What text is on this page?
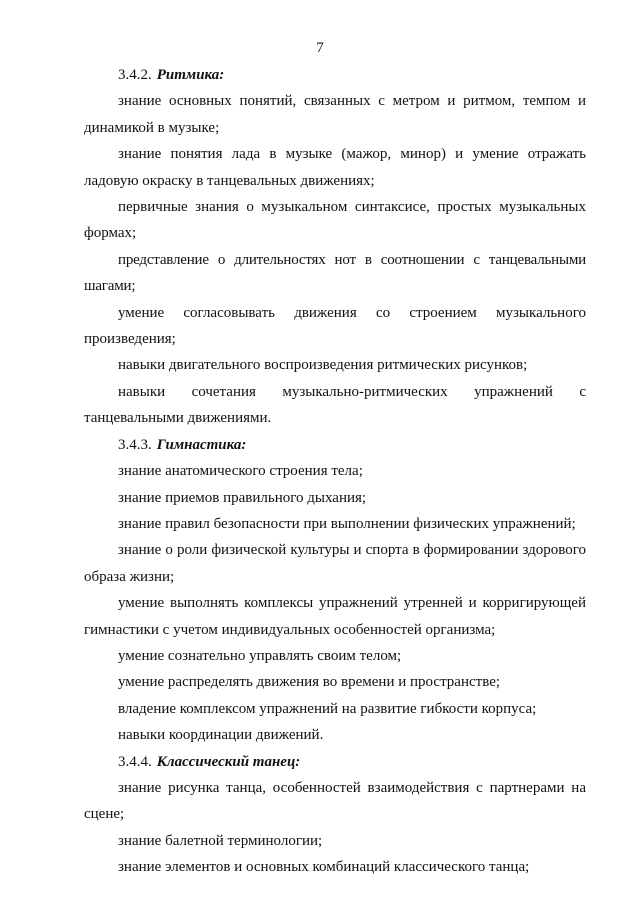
7

3.4.2. Ритмика:

знание основных понятий, связанных с метром и ритмом, темпом и динамикой в музыке;

знание понятия лада в музыке (мажор, минор) и умение отражать ладовую окраску в танцевальных движениях;

первичные знания о музыкальном синтаксисе, простых музыкальных формах;

представление о длительностях нот в соотношении с танцевальными шагами;

умение согласовывать движения со строением музыкального произведения;

навыки двигательного воспроизведения ритмических рисунков;

навыки сочетания музыкально-ритмических упражнений с танцевальными движениями.

3.4.3. Гимнастика:

знание анатомического строения тела;

знание приемов правильного дыхания;

знание правил безопасности при выполнении физических упражнений;

знание о роли физической культуры и спорта в формировании здорового образа жизни;

умение выполнять комплексы упражнений утренней и корригирующей гимнастики с учетом индивидуальных особенностей организма;

умение сознательно управлять своим телом;

умение распределять движения во времени и пространстве;

владение комплексом упражнений на развитие гибкости корпуса;

навыки координации движений.

3.4.4. Классический танец:

знание рисунка танца, особенностей взаимодействия с партнерами на сцене;

знание балетной терминологии;

знание элементов и основных комбинаций классического танца;
